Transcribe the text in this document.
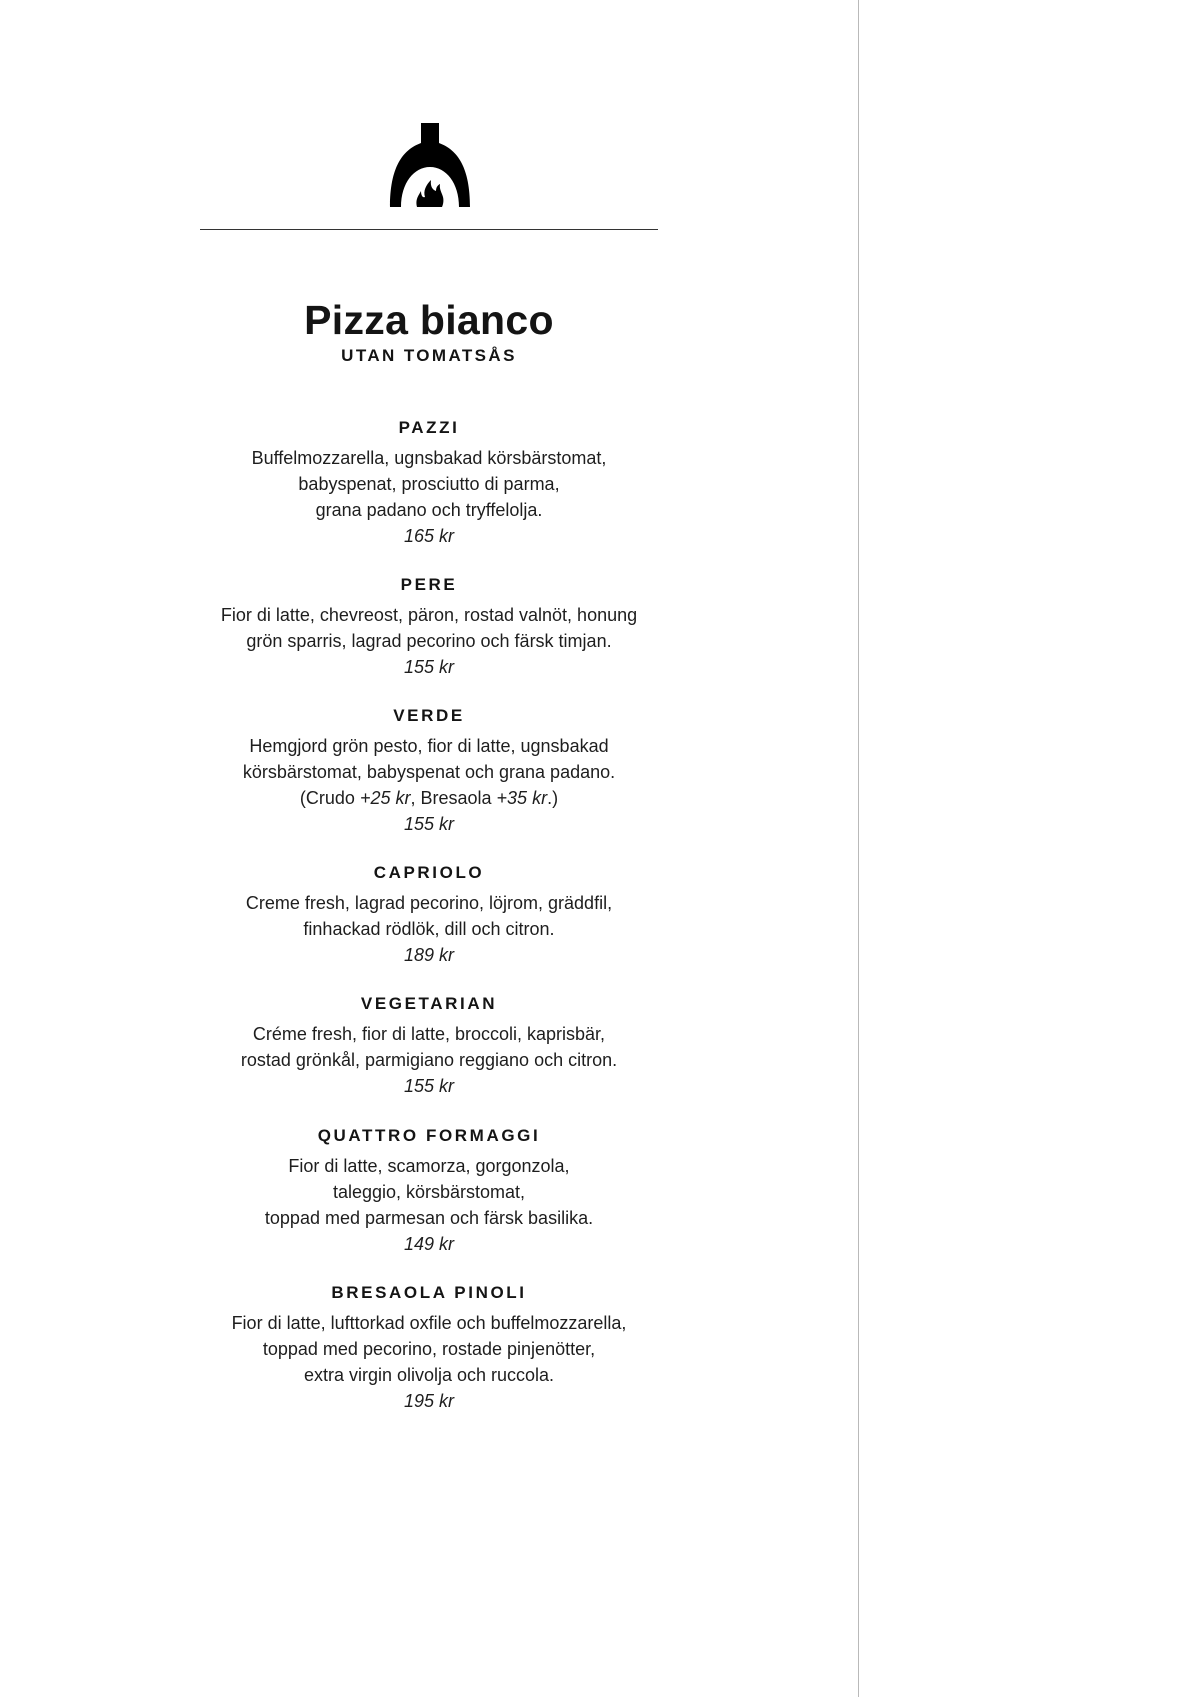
Pizza bianco
UTAN TOMATSÅS
PAZZI
Buffelmozzarella, ugnsbakad körsbärstomat,
babyspenat, prosciutto di parma,
grana padano och tryffelolja.
165 kr
PERE
Fior di latte, chevreost, päron, rostad valnöt, honung
grön sparris, lagrad pecorino och färsk timjan.
155 kr
VERDE
Hemgjord grön pesto, fior di latte, ugnsbakad
körsbärstomat, babyspenat och grana padano.
(Crudo +25 kr, Bresaola +35 kr.)
155 kr
CAPRIOLO
Creme fresh, lagrad pecorino, löjrom, gräddfil,
finhackad rödlök, dill och citron.
189 kr
VEGETARIAN
Créme fresh, fior di latte, broccoli, kaprisbär,
rostad grönkål, parmigiano reggiano och citron.
155 kr
QUATTRO FORMAGGI
Fior di latte, scamorza, gorgonzola,
taleggio, körsbärstomat,
toppad med parmesan och färsk basilika.
149 kr
BRESAOLA PINOLI
Fior di latte, lufttorkad oxfile och buffelmozzarella,
toppad med pecorino, rostade pinjenötter,
extra virgin olivolja och ruccola.
195 kr
